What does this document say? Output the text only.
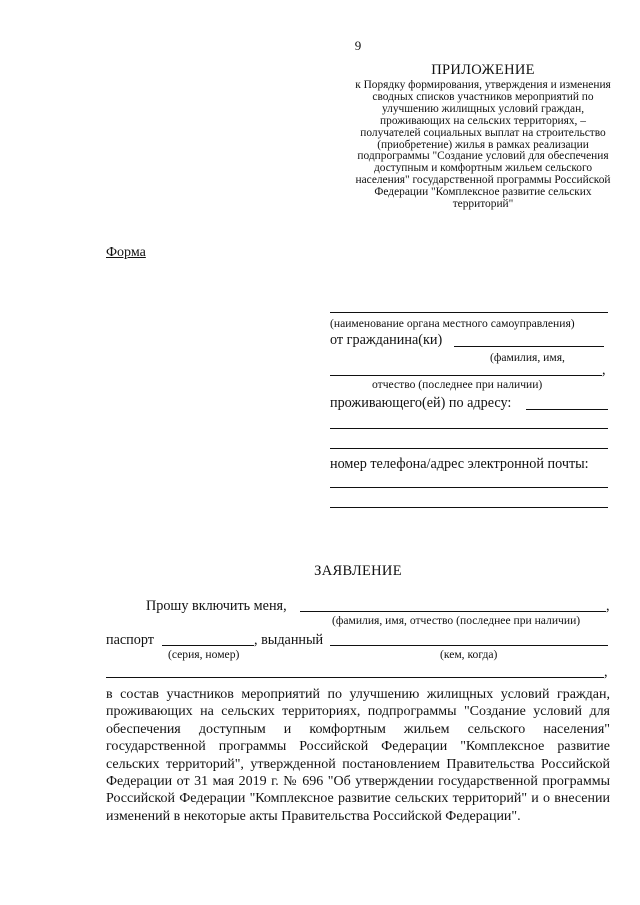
9
ПРИЛОЖЕНИЕ
к Порядку формирования, утверждения и изменения сводных списков участников мероприятий по улучшению жилищных условий граждан, проживающих на сельских территориях, – получателей социальных выплат на строительство (приобретение) жилья в рамках реализации подпрограммы "Создание условий для обеспечения доступным и комфортным жильем сельского населения" государственной программы Российской Федерации "Комплексное развитие сельских территорий"
Форма
(наименование органа местного самоуправления)
от гражданина(ки)
(фамилия, имя,
,
отчество (последнее при наличии)
проживающего(ей) по адресу:
номер телефона/адрес электронной почты:
ЗАЯВЛЕНИЕ
Прошу включить меня,	,
(фамилия, имя, отчество (последнее при наличии)
паспорт	, выданный
(серия, номер)	(кем, когда)
,
в состав участников мероприятий по улучшению жилищных условий граждан, проживающих на сельских территориях, подпрограммы "Создание условий для обеспечения доступным и комфортным жильем сельского населения" государственной программы Российской Федерации "Комплексное развитие сельских территорий", утвержденной постановлением Правительства Российской Федерации от 31 мая 2019 г. № 696 "Об утверждении государственной программы Российской Федерации "Комплексное развитие сельских территорий" и о внесении изменений в некоторые акты Правительства Российской Федерации".
